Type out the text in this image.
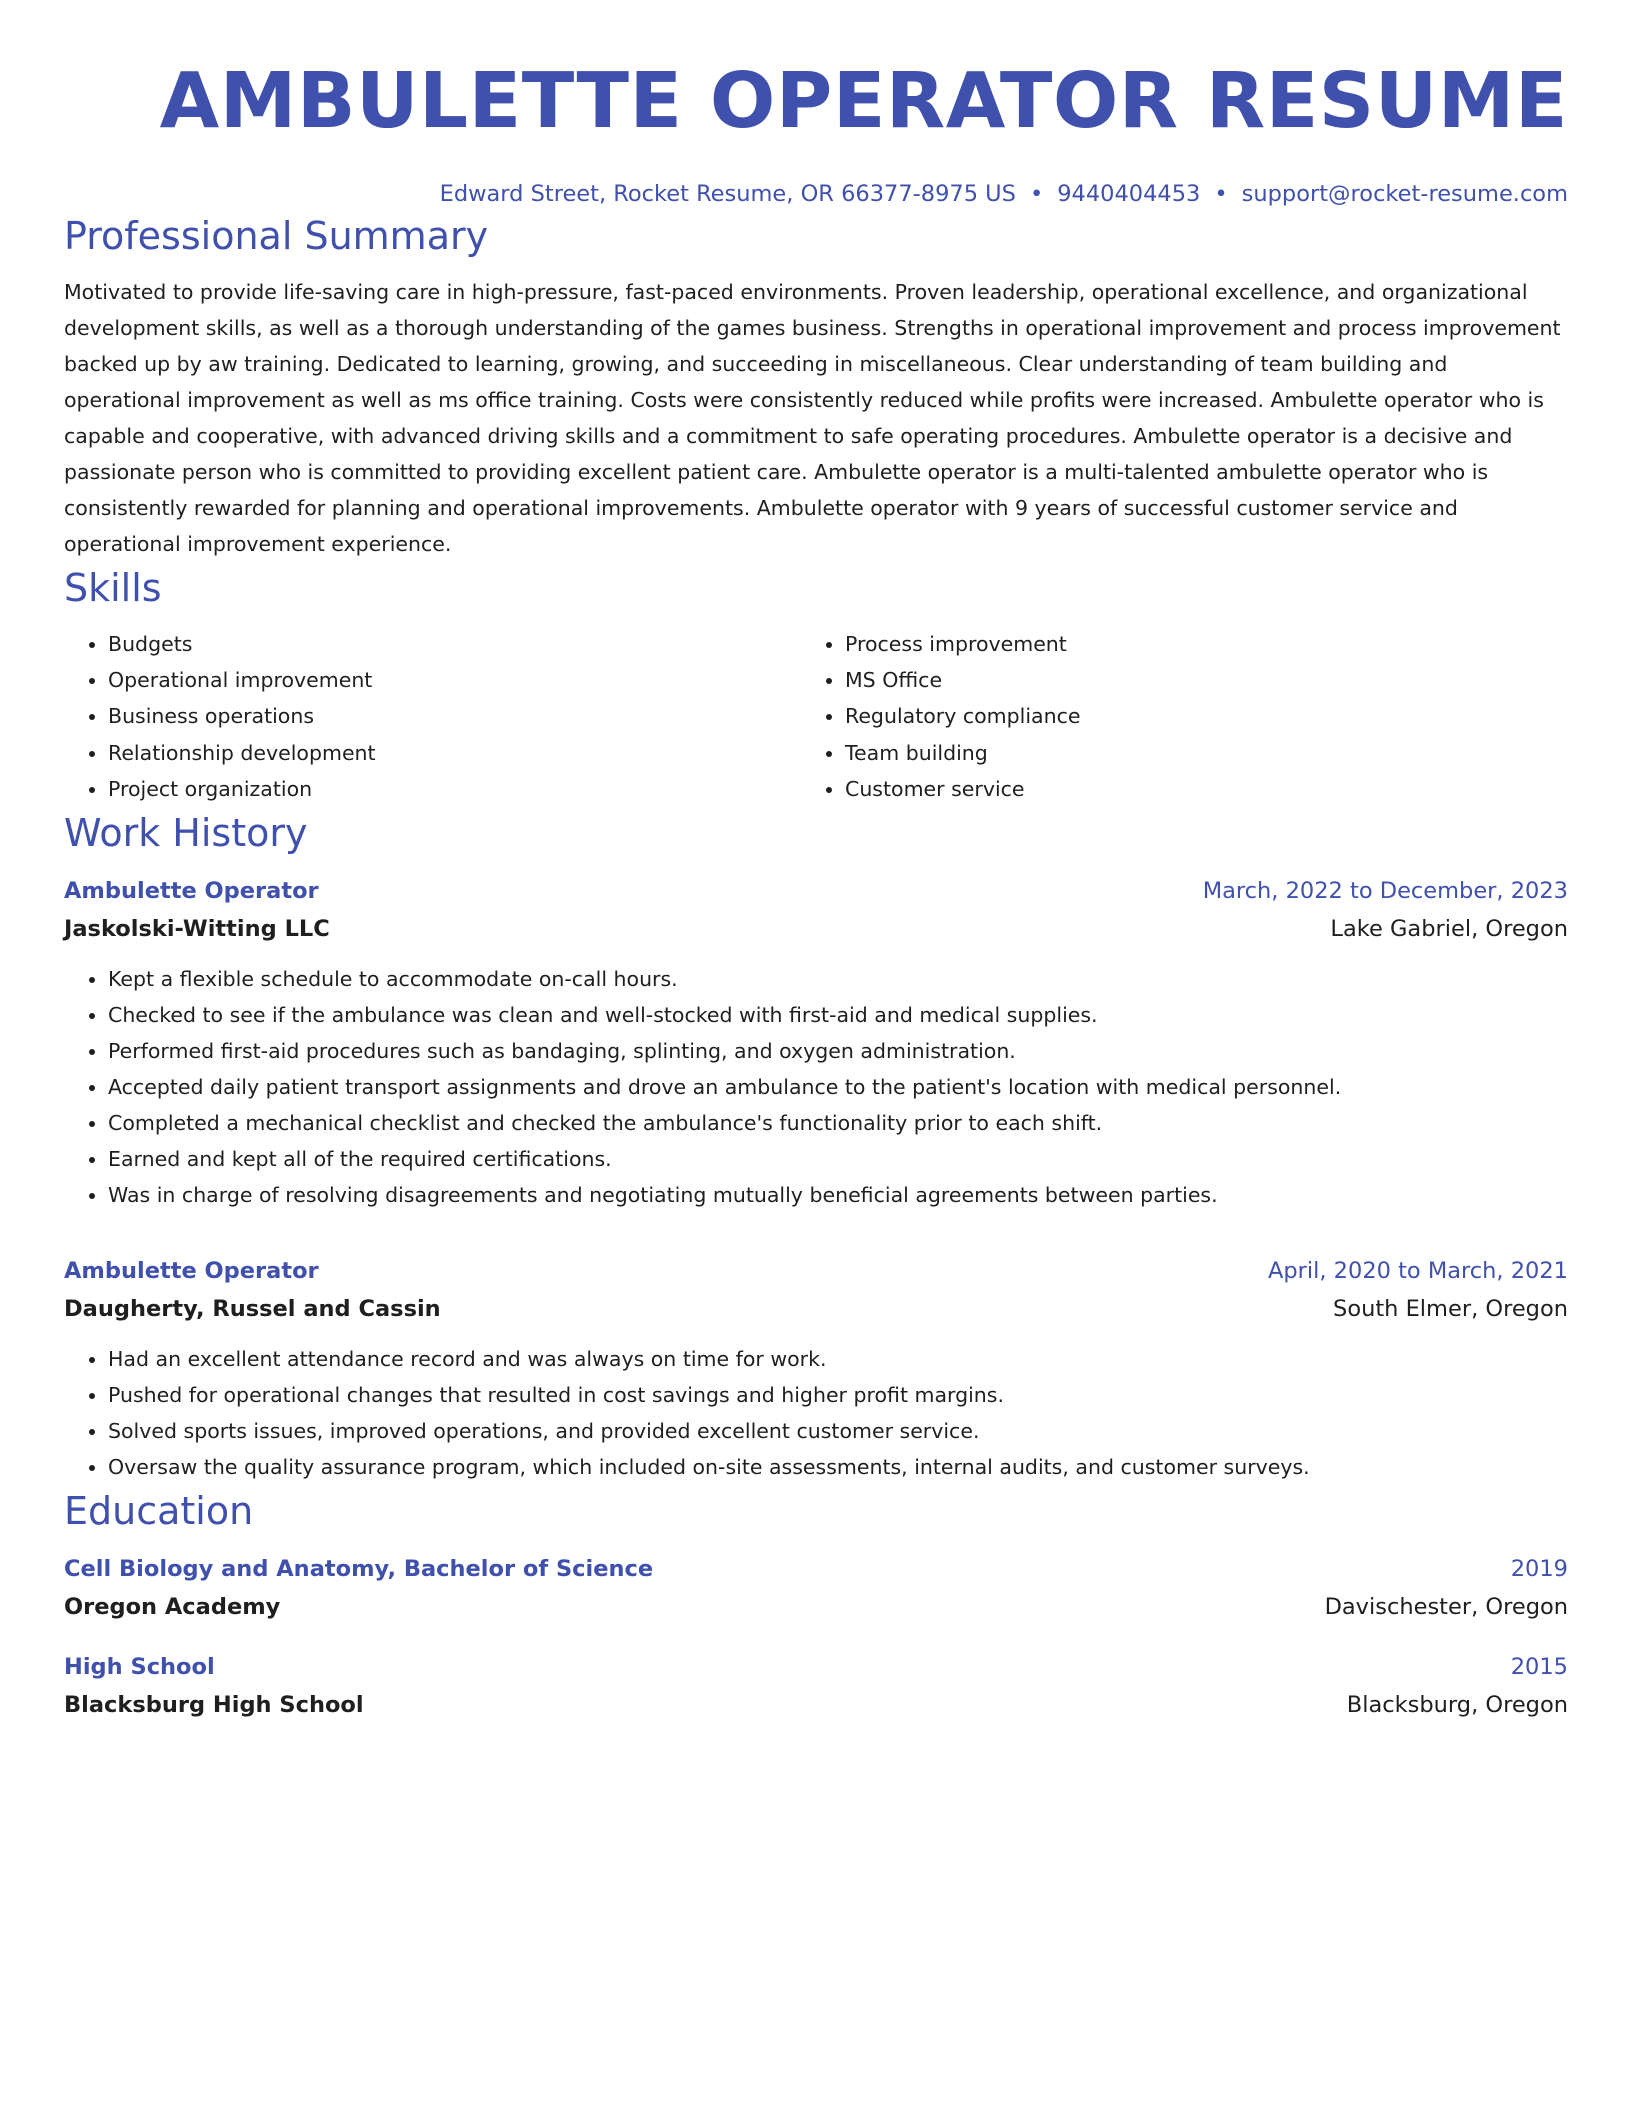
AMBULETTE OPERATOR RESUME
Edward Street, Rocket Resume, OR 66377-8975 US • 9440404453 • support@rocket-resume.com
Professional Summary
Motivated to provide life-saving care in high-pressure, fast-paced environments. Proven leadership, operational excellence, and organizational development skills, as well as a thorough understanding of the games business. Strengths in operational improvement and process improvement backed up by aw training. Dedicated to learning, growing, and succeeding in miscellaneous. Clear understanding of team building and operational improvement as well as ms office training. Costs were consistently reduced while profits were increased. Ambulette operator who is capable and cooperative, with advanced driving skills and a commitment to safe operating procedures. Ambulette operator is a decisive and passionate person who is committed to providing excellent patient care. Ambulette operator is a multi-talented ambulette operator who is consistently rewarded for planning and operational improvements. Ambulette operator with 9 years of successful customer service and operational improvement experience.
Skills
• Budgets
• Operational improvement
• Business operations
• Relationship development
• Project organization
• Process improvement
• MS Office
• Regulatory compliance
• Team building
• Customer service
Work History
Ambulette Operator	March, 2022 to December, 2023
Jaskolski-Witting LLC	Lake Gabriel, Oregon
• Kept a flexible schedule to accommodate on-call hours.
• Checked to see if the ambulance was clean and well-stocked with first-aid and medical supplies.
• Performed first-aid procedures such as bandaging, splinting, and oxygen administration.
• Accepted daily patient transport assignments and drove an ambulance to the patient's location with medical personnel.
• Completed a mechanical checklist and checked the ambulance's functionality prior to each shift.
• Earned and kept all of the required certifications.
• Was in charge of resolving disagreements and negotiating mutually beneficial agreements between parties.
Ambulette Operator	April, 2020 to March, 2021
Daugherty, Russel and Cassin	South Elmer, Oregon
• Had an excellent attendance record and was always on time for work.
• Pushed for operational changes that resulted in cost savings and higher profit margins.
• Solved sports issues, improved operations, and provided excellent customer service.
• Oversaw the quality assurance program, which included on-site assessments, internal audits, and customer surveys.
Education
Cell Biology and Anatomy, Bachelor of Science	2019
Oregon Academy	Davischester, Oregon
High School	2015
Blacksburg High School	Blacksburg, Oregon
